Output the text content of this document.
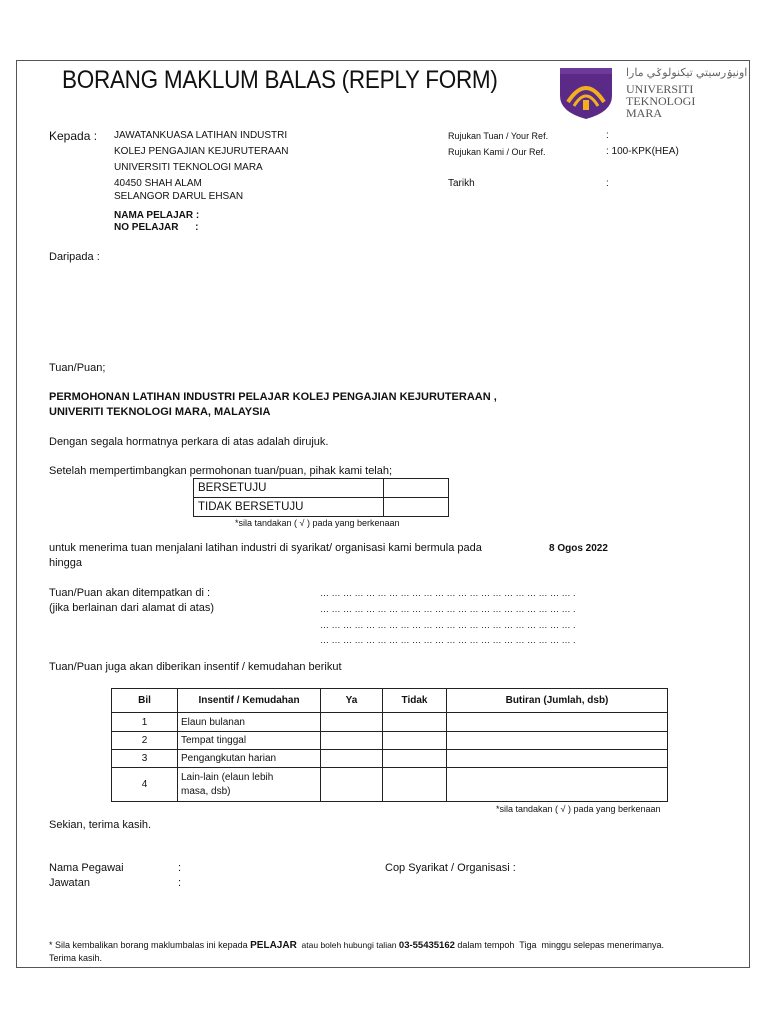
BORANG MAKLUM BALAS (REPLY FORM)	اونيۏرسيتي تيکنولوݢي مارا
UNIVERSITI
TEKNOLOGI
MARA
Kepada : JAWATANKUASA LATIHAN INDUSTRI
KOLEJ PENGAJIAN KEJURUTERAAN
UNIVERSITI TEKNOLOGI MARA
40450 SHAH ALAM
SELANGOR DARUL EHSAN
NAMA PELAJAR :
NO PELAJAR      :
Rujukan Tuan / Your Ref.	:
Rujukan Kami / Our Ref.	: 100-KPK(HEA)
Tarikh	:
Daripada :
Tuan/Puan;
PERMOHONAN LATIHAN INDUSTRI PELAJAR KOLEJ PENGAJIAN KEJURUTERAAN ,
UNIVERITI TEKNOLOGI MARA, MALAYSIA
Dengan segala hormatnya perkara di atas adalah dirujuk.
Setelah mempertimbangkan permohonan tuan/puan, pihak kami telah;
BERSETUJU	
TIDAK BERSETUJU	
*sila tandakan ( √ ) pada yang berkenaan
untuk menerima tuan menjalani latihan industri di syarikat/ organisasi kami bermula pada	8 Ogos 2022
hingga
Tuan/Puan akan ditempatkan di :
(jika berlainan dari alamat di atas)
… … … … … … … … … … … … … … … … … … … … … … .
… … … … … … … … … … … … … … … … … … … … … … .
… … … … … … … … … … … … … … … … … … … … … … .
… … … … … … … … … … … … … … … … … … … … … … .
Tuan/Puan juga akan diberikan insentif / kemudahan berikut
Bil	Insentif / Kemudahan	Ya	Tidak	Butiran (Jumlah, dsb)
1	Elaun bulanan			
2	Tempat tinggal			
3	Pengangkutan harian			
4	Lain-lain (elaun lebih
masa, dsb)			
*sila tandakan ( √ ) pada yang berkenaan
Sekian, terima kasih.
Nama Pegawai	:
Jawatan	:
Cop Syarikat / Organisasi :
* Sila kembalikan borang maklumbalas ini kepada PELAJAR  atau boleh hubungi talian 03-55435162 dalam tempoh  Tiga  minggu selepas menerimanya.
Terima kasih.
